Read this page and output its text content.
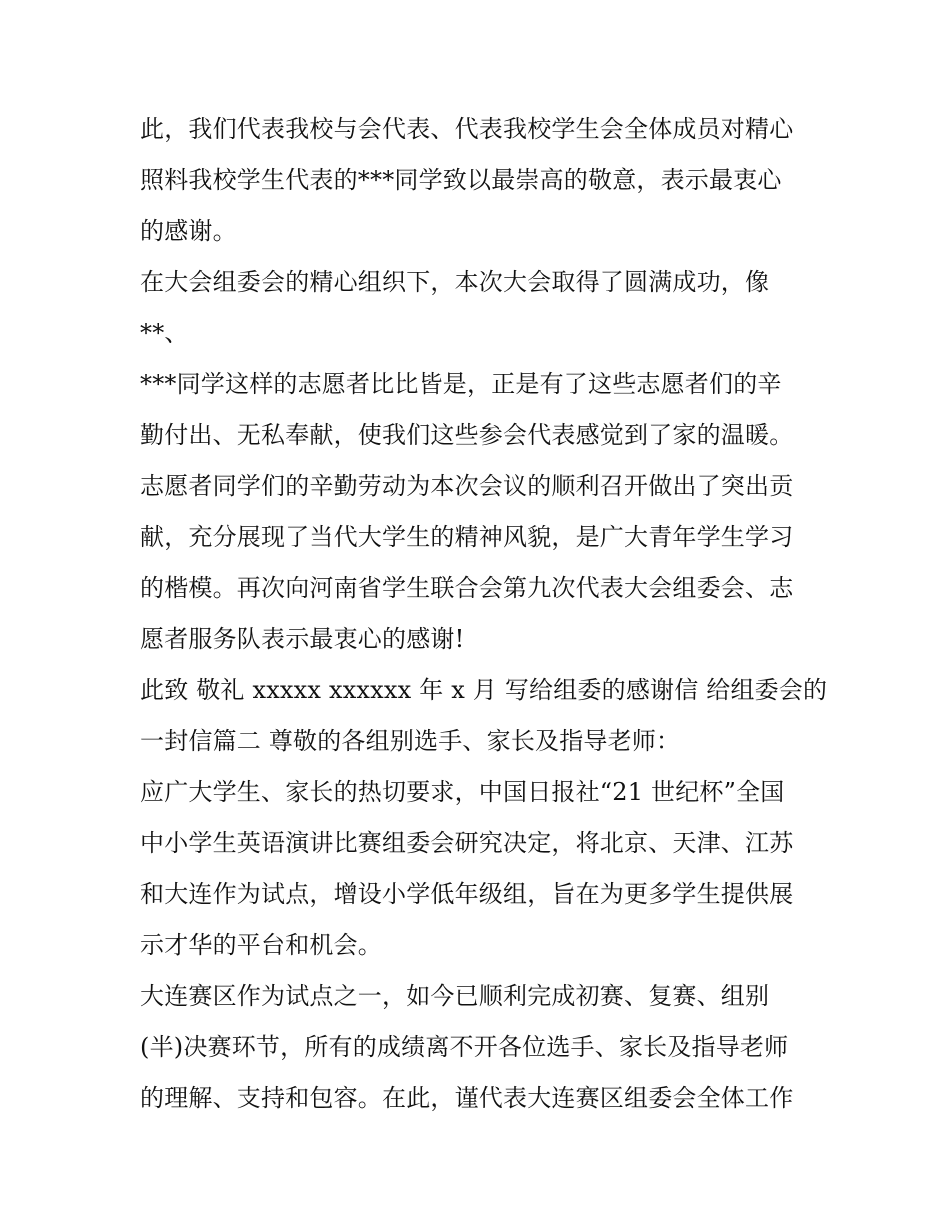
此，我们代表我校与会代表、代表我校学生会全体成员对精心
照料我校学生代表的***同学致以最崇高的敬意，表示最衷心
的感谢。
在大会组委会的精心组织下，本次大会取得了圆满成功，像
**、
***同学这样的志愿者比比皆是，正是有了这些志愿者们的辛
勤付出、无私奉献，使我们这些参会代表感觉到了家的温暖。
志愿者同学们的辛勤劳动为本次会议的顺利召开做出了突出贡
献，充分展现了当代大学生的精神风貌，是广大青年学生学习
的楷模。再次向河南省学生联合会第九次代表大会组委会、志
愿者服务队表示最衷心的感谢!
此致 敬礼 xxxxx xxxxxx 年 x 月 写给组委的感谢信 给组委会的
一封信篇二 尊敬的各组别选手、家长及指导老师：
应广大学生、家长的热切要求，中国日报社“21 世纪杯”全国
中小学生英语演讲比赛组委会研究决定，将北京、天津、江苏
和大连作为试点，增设小学低年级组，旨在为更多学生提供展
示才华的平台和机会。
大连赛区作为试点之一，如今已顺利完成初赛、复赛、组别
(半)决赛环节，所有的成绩离不开各位选手、家长及指导老师
的理解、支持和包容。在此，谨代表大连赛区组委会全体工作
